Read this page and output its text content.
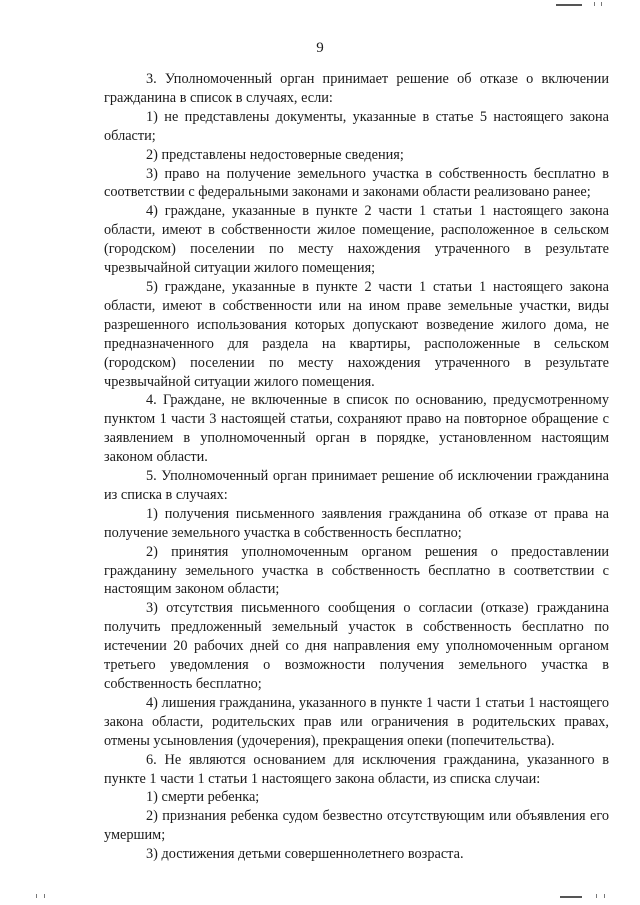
9

3. Уполномоченный орган принимает решение об отказе о включении гражданина в список в случаях, если:

1) не представлены документы, указанные в статье 5 настоящего закона области;

2) представлены недостоверные сведения;

3) право на получение земельного участка в собственность бесплатно в соответствии с федеральными законами и законами области реализовано ранее;

4) граждане, указанные в пункте 2 части 1 статьи 1 настоящего закона области, имеют в собственности жилое помещение, расположенное в сельском (городском) поселении по месту нахождения утраченного в результате чрезвычайной ситуации жилого помещения;

5) граждане, указанные в пункте 2 части 1 статьи 1 настоящего закона области, имеют в собственности или на ином праве земельные участки, виды разрешенного использования которых допускают возведение жилого дома, не предназначенного для раздела на квартиры, расположенные в сельском (городском) поселении по месту нахождения утраченного в результате чрезвычайной ситуации жилого помещения.

4. Граждане, не включенные в список по основанию, предусмотренному пунктом 1 части 3 настоящей статьи, сохраняют право на повторное обращение с заявлением в уполномоченный орган в порядке, установленном настоящим законом области.

5. Уполномоченный орган принимает решение об исключении гражданина из списка в случаях:

1) получения письменного заявления гражданина об отказе от права на получение земельного участка в собственность бесплатно;

2) принятия уполномоченным органом решения о предоставлении гражданину земельного участка в собственность бесплатно в соответствии с настоящим законом области;

3) отсутствия письменного сообщения о согласии (отказе) гражданина получить предложенный земельный участок в собственность бесплатно по истечении 20 рабочих дней со дня направления ему уполномоченным органом третьего уведомления о возможности получения земельного участка в собственность бесплатно;

4) лишения гражданина, указанного в пункте 1 части 1 статьи 1 настоящего закона области, родительских прав или ограничения в родительских правах, отмены усыновления (удочерения), прекращения опеки (попечительства).

6. Не являются основанием для исключения гражданина, указанного в пункте 1 части 1 статьи 1 настоящего закона области, из списка случаи:

1) смерти ребенка;

2) признания ребенка судом безвестно отсутствующим или объявления его умершим;

3) достижения детьми совершеннолетнего возраста.
